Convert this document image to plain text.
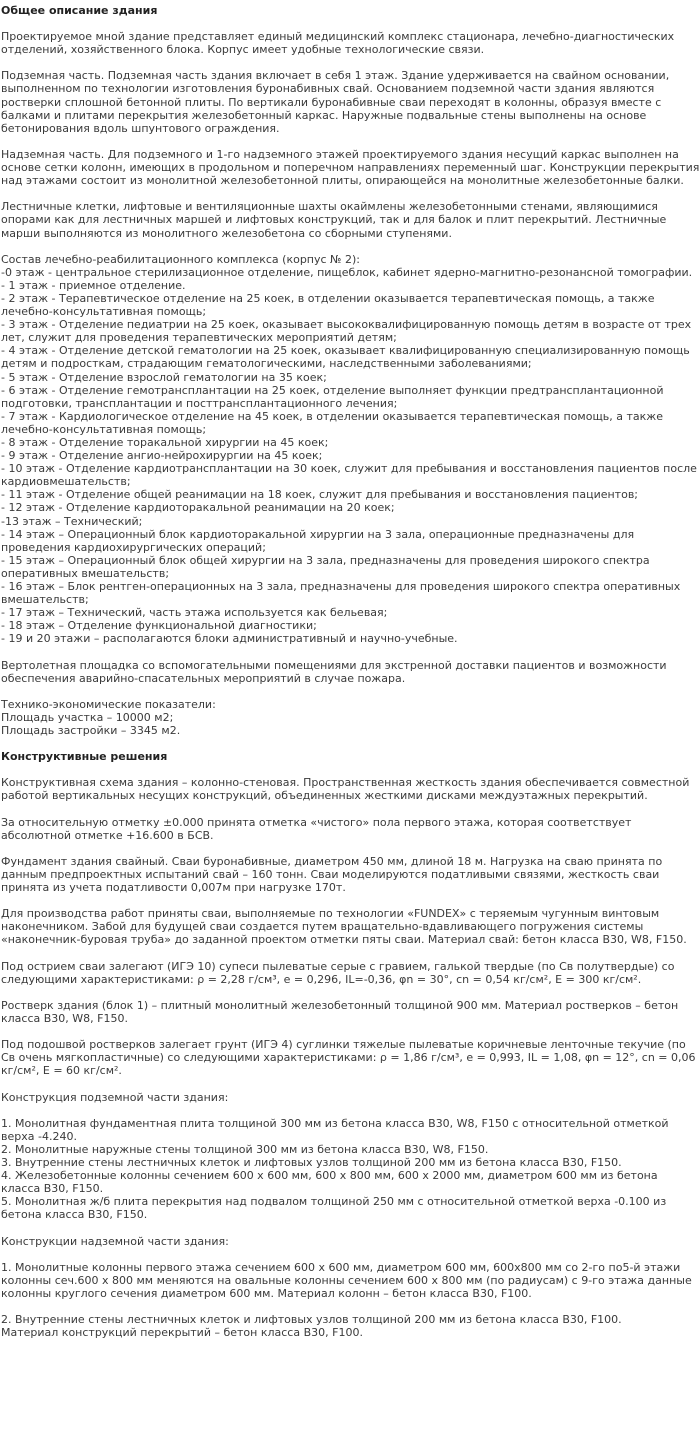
Общее описание здания

Проектируемое мной здание представляет единый медицинский комплекс стационара, лечебно-диагностических отделений, хозяйственного блока. Корпус имеет удобные технологические связи.

Подземная часть. Подземная часть здания включает в себя 1 этаж. Здание удерживается на свайном основании, выполненном по технологии изготовления буронабивных свай. Основанием подземной части здания являются ростверки сплошной бетонной плиты. По вертикали буронабивные сваи переходят в колонны, образуя вместе с балками и плитами перекрытия железобетонный каркас. Наружные подвальные стены выполнены на основе бетонирования вдоль шпунтового ограждения.

Надземная часть. Для подземного и 1-го надземного этажей проектируемого здания несущий каркас выполнен на основе сетки колонн, имеющих в продольном и поперечном направлениях переменный шаг. Конструкции перекрытия над этажами состоит из монолитной железобетонной плиты, опирающейся на монолитные железобетонные балки.

Лестничные клетки, лифтовые и вентиляционные шахты окаймлены железобетонными стенами, являющимися опорами как для лестничных маршей и лифтовых конструкций, так и для балок и плит перекрытий. Лестничные марши выполняются из монолитного железобетона со сборными ступенями.

Состав лечебно-реабилитационного комплекса (корпус № 2):
-0 этаж - центральное стерилизационное отделение, пищеблок, кабинет ядерно-магнитно-резонансной томографии.
- 1 этаж - приемное отделение.
- 2 этаж - Терапевтическое отделение на 25 коек, в отделении оказывается терапевтическая помощь, а также лечебно-консультативная помощь;
- 3 этаж - Отделение педиатрии на 25 коек, оказывает высококвалифицированную помощь детям в возрасте от трех лет, служит для проведения терапевтических мероприятий детям;
- 4 этаж - Отделение детской гематологии на 25 коек, оказывает квалифицированную специализированную помощь детям и подросткам, страдающим гематологическими, наследственными заболеваниями;
- 5 этаж - Отделение взрослой гематологии на 35 коек;
- 6 этаж - Отделение гемотрансплантации на 25 коек, отделение выполняет функции предтрансплантационной подготовки, трансплантации и посттрансплантационного лечения;
- 7 этаж - Кардиологическое отделение на 45 коек, в отделении оказывается терапевтическая помощь, а также лечебно-консультативная помощь;
- 8 этаж - Отделение торакальной хирургии на 45 коек;
- 9 этаж - Отделение ангио-нейрохирургии на 45 коек;
- 10 этаж - Отделение кардиотрансплантации на 30 коек, служит для пребывания и восстановления пациентов после кардиовмешательств;
- 11 этаж - Отделение общей реанимации на 18 коек, служит для пребывания и восстановления пациентов;
- 12 этаж - Отделение кардиоторакальной реанимации на 20 коек;
-13 этаж – Технический;
- 14 этаж – Операционный блок кардиоторакальной хирургии на 3 зала, операционные предназначены для проведения кардиохирургических операций;
- 15 этаж – Операционный блок общей хирургии на 3 зала, предназначены для проведения широкого спектра оперативных вмешательств;
- 16 этаж – Блок рентген-операционных на 3 зала, предназначены для проведения широкого спектра оперативных вмешательств;
- 17 этаж – Технический, часть этажа используется как бельевая;
- 18 этаж – Отделение функциональной диагностики;
- 19 и 20 этажи – располагаются блоки административный и научно-учебные.

Вертолетная площадка со вспомогательными помещениями для экстренной доставки пациентов и возможности обеспечения аварийно-спасательных мероприятий в случае пожара.

Технико-экономические показатели:
Площадь участка – 10000 м2;
Площадь застройки – 3345 м2.

Конструктивные решения

Конструктивная схема здания – колонно-стеновая. Пространственная жесткость здания обеспечивается совместной работой вертикальных несущих конструкций, объединенных жесткими дисками междуэтажных перекрытий.

За относительную отметку ±0.000 принята отметка «чистого» пола первого этажа, которая соответствует абсолютной отметке +16.600 в БСВ.

Фундамент здания свайный. Сваи буронабивные, диаметром 450 мм, длиной 18 м. Нагрузка на сваю принята по данным предпроектных испытаний свай – 160 тонн. Сваи моделируются податливыми связями, жесткость сваи принята из учета податливости 0,007м при нагрузке 170т.

Для производства работ приняты сваи, выполняемые по технологии «FUNDEX» с теряемым чугунным винтовым наконечником. Забой для будущей сваи создается путем вращательно-вдавливающего погружения системы «наконечник-буровая труба» до заданной проектом отметки пяты сваи. Материал свай: бетон класса В30, W8, F150.

Под острием сваи залегают (ИГЭ 10) супеси пылеватые серые с гравием, галькой твердые (по Св полутвердые) со следующими характеристиками: ρ = 2,28 г/см³, е = 0,296, IL=-0,36, φn = 30°, cn = 0,54 кг/см², Е = 300 кг/см².

Ростверк здания (блок 1) – плитный монолитный железобетонный толщиной 900 мм. Материал ростверков – бетон класса В30, W8, F150.

Под подошвой ростверков залегает грунт (ИГЭ 4) суглинки тяжелые пылеватые коричневые ленточные текучие (по Св очень мягкопластичные) со следующими характеристиками: ρ = 1,86 г/см³, е = 0,993, IL = 1,08, φn = 12°, cn = 0,06 кг/см², Е = 60 кг/см².

Конструкция подземной части здания:

1. Монолитная фундаментная плита толщиной 300 мм из бетона класса В30, W8, F150 с относительной отметкой верха -4.240.
2. Монолитные наружные стены толщиной 300 мм из бетона класса В30, W8, F150.
3. Внутренние стены лестничных клеток и лифтовых узлов толщиной 200 мм из бетона класса В30, F150.
4. Железобетонные колонны сечением 600 х 600 мм, 600 х 800 мм, 600 х 2000 мм, диаметром 600 мм из бетона класса В30, F150.
5. Монолитная ж/б плита перекрытия над подвалом толщиной 250 мм с относительной отметкой верха -0.100 из бетона класса В30, F150.

Конструкции надземной части здания:

1. Монолитные колонны первого этажа сечением 600 х 600 мм, диаметром 600 мм, 600х800 мм со 2-го по5-й этажи колонны сеч.600 х 800 мм меняются на овальные колонны сечением 600 х 800 мм (по радиусам) с 9-го этажа данные колонны круглого сечения диаметром 600 мм. Материал колонн – бетон класса В30, F100.

2. Внутренние стены лестничных клеток и лифтовых узлов толщиной 200 мм из бетона класса В30, F100.
Материал конструкций перекрытий – бетон класса В30, F100.
